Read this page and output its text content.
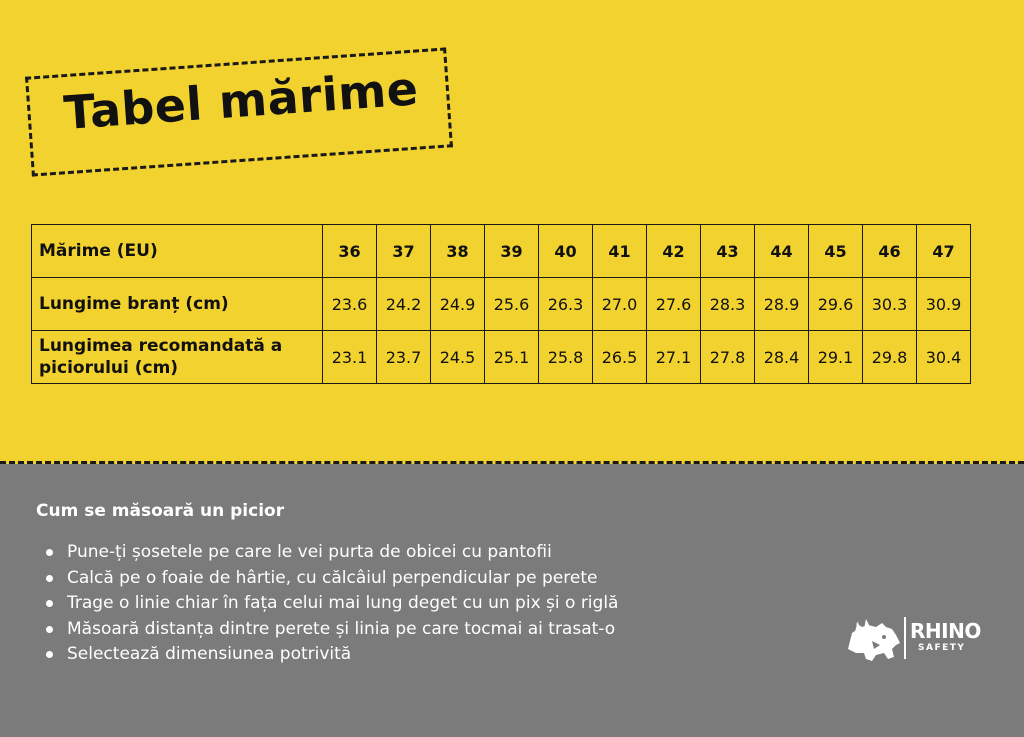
Tabel mărime
Mărime (EU)	36	37	38	39	40	41	42	43	44	45	46	47
Lungime branț (cm)	23.6	24.2	24.9	25.6	26.3	27.0	27.6	28.3	28.9	29.6	30.3	30.9
Lungimea recomandată a piciorului (cm)	23.1	23.7	24.5	25.1	25.8	26.5	27.1	27.8	28.4	29.1	29.8	30.4
Cum se măsoară un picior
Pune-ți șosetele pe care le vei purta de obicei cu pantofii
Calcă pe o foaie de hârtie, cu călcâiul perpendicular pe perete
Trage o linie chiar în fața celui mai lung deget cu un pix și o riglă
Măsoară distanța dintre perete și linia pe care tocmai ai trasat-o
Selectează dimensiunea potrivită
RHINO
SAFETY
